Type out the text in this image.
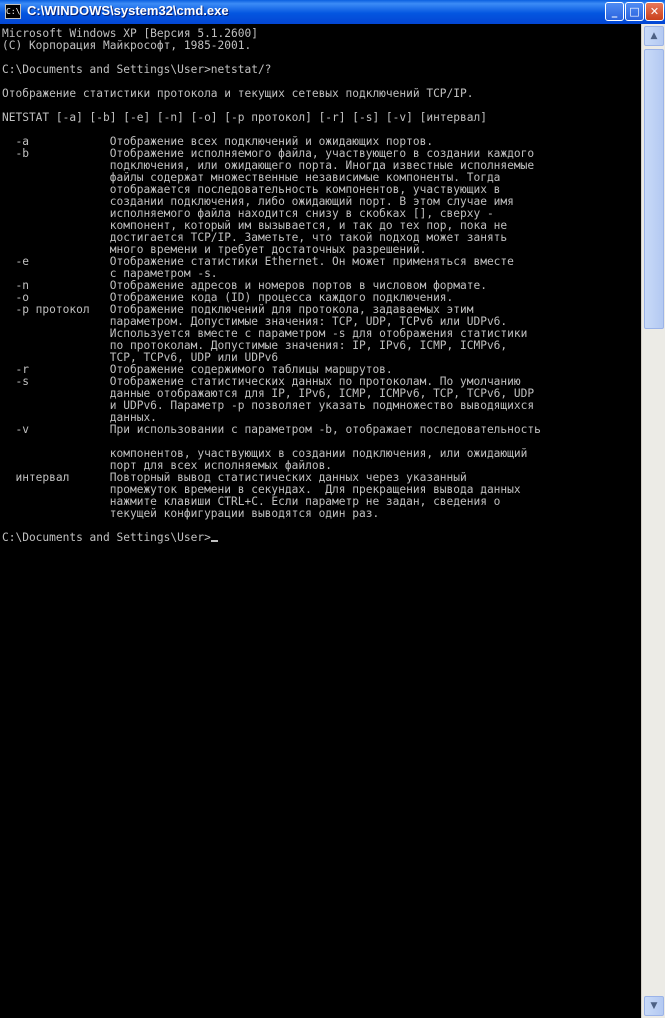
C:\ C:\WINDOWS\system32\cmd.exe	_	□ ✕
Microsoft Windows XP [Версия 5.1.2600]
(С) Корпорация Майкрософт, 1985-2001.
C:\Documents and Settings\User>netstat/?
Отображение статистики протокола и текущих сетевых подключений TCP/IP.
NETSTAT [-a] [-b] [-e] [-n] [-o] [-p протокол] [-r] [-s] [-v] [интервал]
-a            Отображение всех подключений и ожидающих портов.
-b            Отображение исполняемого файла, участвующего в создании каждого
подключения, или ожидающего порта. Иногда известные исполняемые
файлы содержат множественные независимые компоненты. Тогда
отображается последовательность компонентов, участвующих в
создании подключения, либо ожидающий порт. В этом случае имя
исполняемого файла находится снизу в скобках [], сверху -
компонент, который им вызывается, и так до тех пор, пока не
достигается TCP/IP. Заметьте, что такой подход может занять
много времени и требует достаточных разрешений.
-e            Отображение статистики Ethernet. Он может применяться вместе
с параметром -s.
-n            Отображение адресов и номеров портов в числовом формате.
-o            Отображение кода (ID) процесса каждого подключения.
-p протокол   Отображение подключений для протокола, задаваемых этим
параметром. Допустимые значения: TCP, UDP, TCPv6 или UDPv6.
Используется вместе с параметром -s для отображения статистики
по протоколам. Допустимые значения: IP, IPv6, ICMP, ICMPv6,
TCP, TCPv6, UDP или UDPv6
-r            Отображение содержимого таблицы маршрутов.
-s            Отображение статистических данных по протоколам. По умолчанию
данные отображаются для IP, IPv6, ICMP, ICMPv6, TCP, TCPv6, UDP
и UDPv6. Параметр -p позволяет указать подмножество выводящихся
данных.
-v            При использовании с параметром -b, отображает последовательность
компонентов, участвующих в создании подключения, или ожидающий
порт для всех исполняемых файлов.
интервал      Повторный вывод статистических данных через указанный
промежуток времени в секундах.  Для прекращения вывода данных
нажмите клавиши CTRL+C. Если параметр не задан, сведения о
текущей конфигурации выводятся один раз.
C:\Documents and Settings\User>
▲
▼
